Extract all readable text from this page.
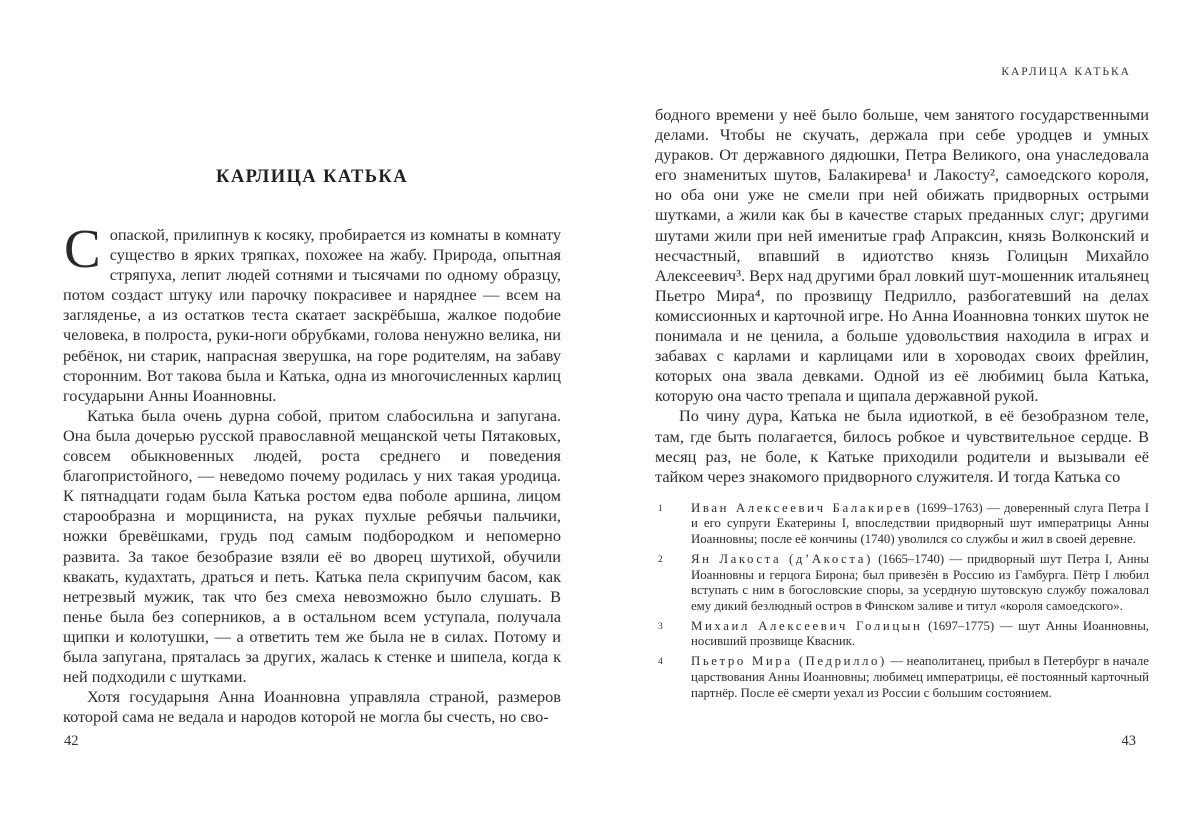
КАРЛИЦА КАТЬКА

Сопаской, прилипнув к косяку, пробирается из комнаты в комнату существо в ярких тряпках, похожее на жабу. Природа, опытная стряпуха, лепит людей сотнями и тысячами по одному образцу, потом создаст штуку или парочку покрасивее и наряднее — всем на загляденье, а из остатков теста скатает заскрёбыша, жалкое подобие человека, в полроста, руки-ноги обрубками, голова ненужно велика, ни ребёнок, ни старик, напрасная зверушка, на горе родителям, на забаву сторонним. Вот такова была и Катька, одна из многочисленных карлиц государыни Анны Иоанновны.

Катька была очень дурна собой, притом слабосильна и запугана. Она была дочерью русской православной мещанской четы Пятаковых, совсем обыкновенных людей, роста среднего и поведения благопристойного, — неведомо почему родилась у них такая уродица. К пятнадцати годам была Катька ростом едва поболе аршина, лицом старообразна и морщиниста, на руках пухлые ребячьи пальчики, ножки бревёшками, грудь под самым подбородком и непомерно развита. За такое безобразие взяли её во дворец шутихой, обучили квакать, кудахтать, драться и петь. Катька пела скрипучим басом, как нетрезвый мужик, так что без смеха невозможно было слушать. В пенье была без соперников, а в остальном всем уступала, получала щипки и колотушки, — а ответить тем же была не в силах. Потому и была запугана, пряталась за других, жалась к стенке и шипела, когда к ней подходили с шутками.

Хотя государыня Анна Иоанновна управляла страной, размеров которой сама не ведала и народов которой не могла бы счесть, но сво-

42
КАРЛИЦА КАТЬКА

бодного времени у неё было больше, чем занятого государственными делами. Чтобы не скучать, держала при себе уродцев и умных дураков. От державного дядюшки, Петра Великого, она унаследовала его знаменитых шутов, Балакирева¹ и Лакосту², самоедского короля, но оба они уже не смели при ней обижать придворных острыми шутками, а жили как бы в качестве старых преданных слуг; другими шутами жили при ней именитые граф Апраксин, князь Волконский и несчастный, впавший в идиотство князь Голицын Михайло Алексеевич³. Верх над другими брал ловкий шут-мошенник итальянец Пьетро Мира⁴, по прозвищу Педрилло, разбогатевший на делах комиссионных и карточной игре. Но Анна Иоанновна тонких шуток не понимала и не ценила, а больше удовольствия находила в играх и забавах с карлами и карлицами или в хороводах своих фрейлин, которых она звала девками. Одной из её любимиц была Катька, которую она часто трепала и щипала державной рукой.

По чину дура, Катька не была идиоткой, в её безобразном теле, там, где быть полагается, билось робкое и чувствительное сердце. В месяц раз, не боле, к Катьке приходили родители и вызывали её тайком через знакомого придворного служителя. И тогда Катька со

1	Иван Алексеевич Балакирев (1699–1763) — доверенный слуга Петра I и его супруги Екатерины I, впоследствии придворный шут императрицы Анны Иоанновны; после её кончины (1740) уволился со службы и жил в своей деревне.
2	Ян Лакоста (д’Акоста) (1665–1740) — придворный шут Петра I, Анны Иоанновны и герцога Бирона; был привезён в Россию из Гамбурга. Пётр I любил вступать с ним в богословские споры, за усердную шутовскую службу пожаловал ему дикий безлюдный остров в Финском заливе и титул «короля самоедского».
3	Михаил Алексеевич Голицын (1697–1775) — шут Анны Иоанновны, носивший прозвище Квасник.
4	Пьетро Мира (Педрилло) — неаполитанец, прибыл в Петербург в начале царствования Анны Иоанновны; любимец императрицы, её постоянный карточный партнёр. После её смерти уехал из России с большим состоянием.
43
